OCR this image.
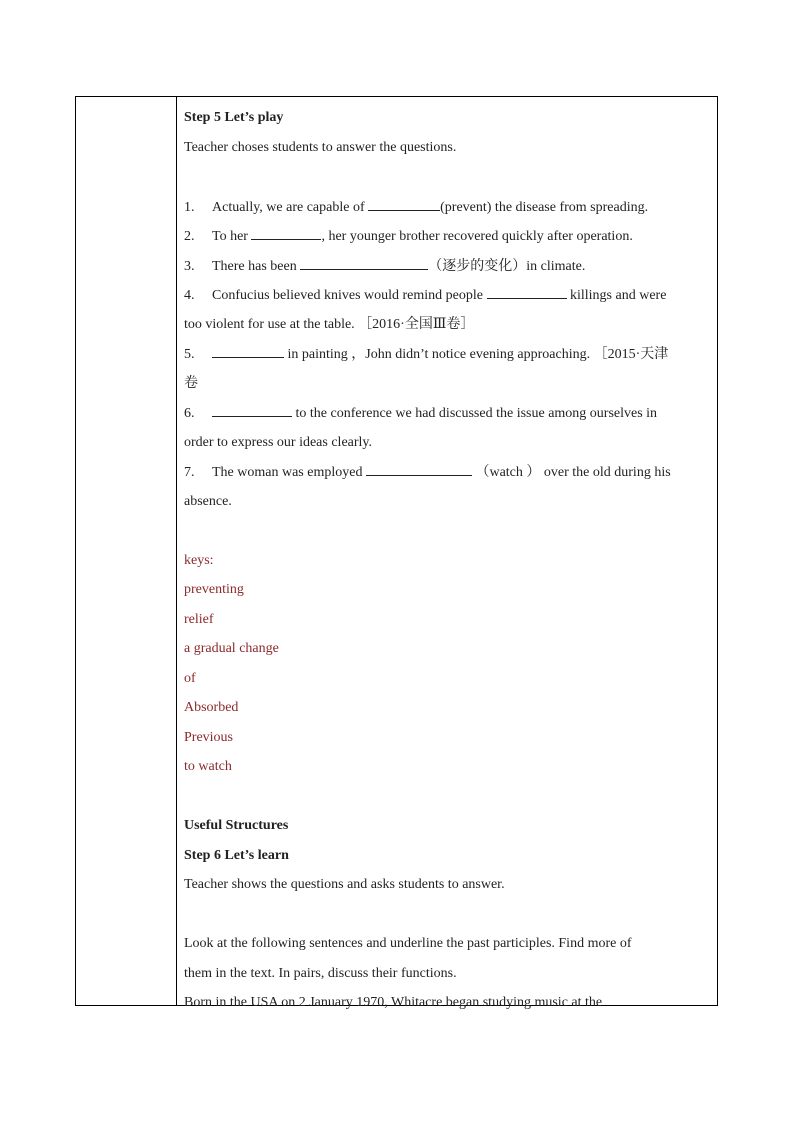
Step 5 Let’s play
Teacher choses students to answer the questions.
1. Actually, we are capable of	(prevent) the disease from spreading.
2. To her	, her younger brother recovered quickly after operation.
3. There has been	（逐步的变化）in climate.
4. Confucius believed knives would remind people	killings and were
too violent for use at the table. ［2016·全国Ⅲ卷］
5.	in painting ，John didn’t notice evening approaching. ［2015·天津
卷
6.	to the conference we had discussed the issue among ourselves in
order to express our ideas clearly.
7. The woman was employed	（watch ） over the old during his
absence.
keys:
preventing
relief
a gradual change
of
Absorbed
Previous
to watch
Useful Structures
Step 6 Let’s learn
Teacher shows the questions and asks students to answer.
Look at the following sentences and underline the past participles. Find more of
them in the text. In pairs, discuss their functions.
Born in the USA on 2 January 1970, Whitacre began studying music at the
